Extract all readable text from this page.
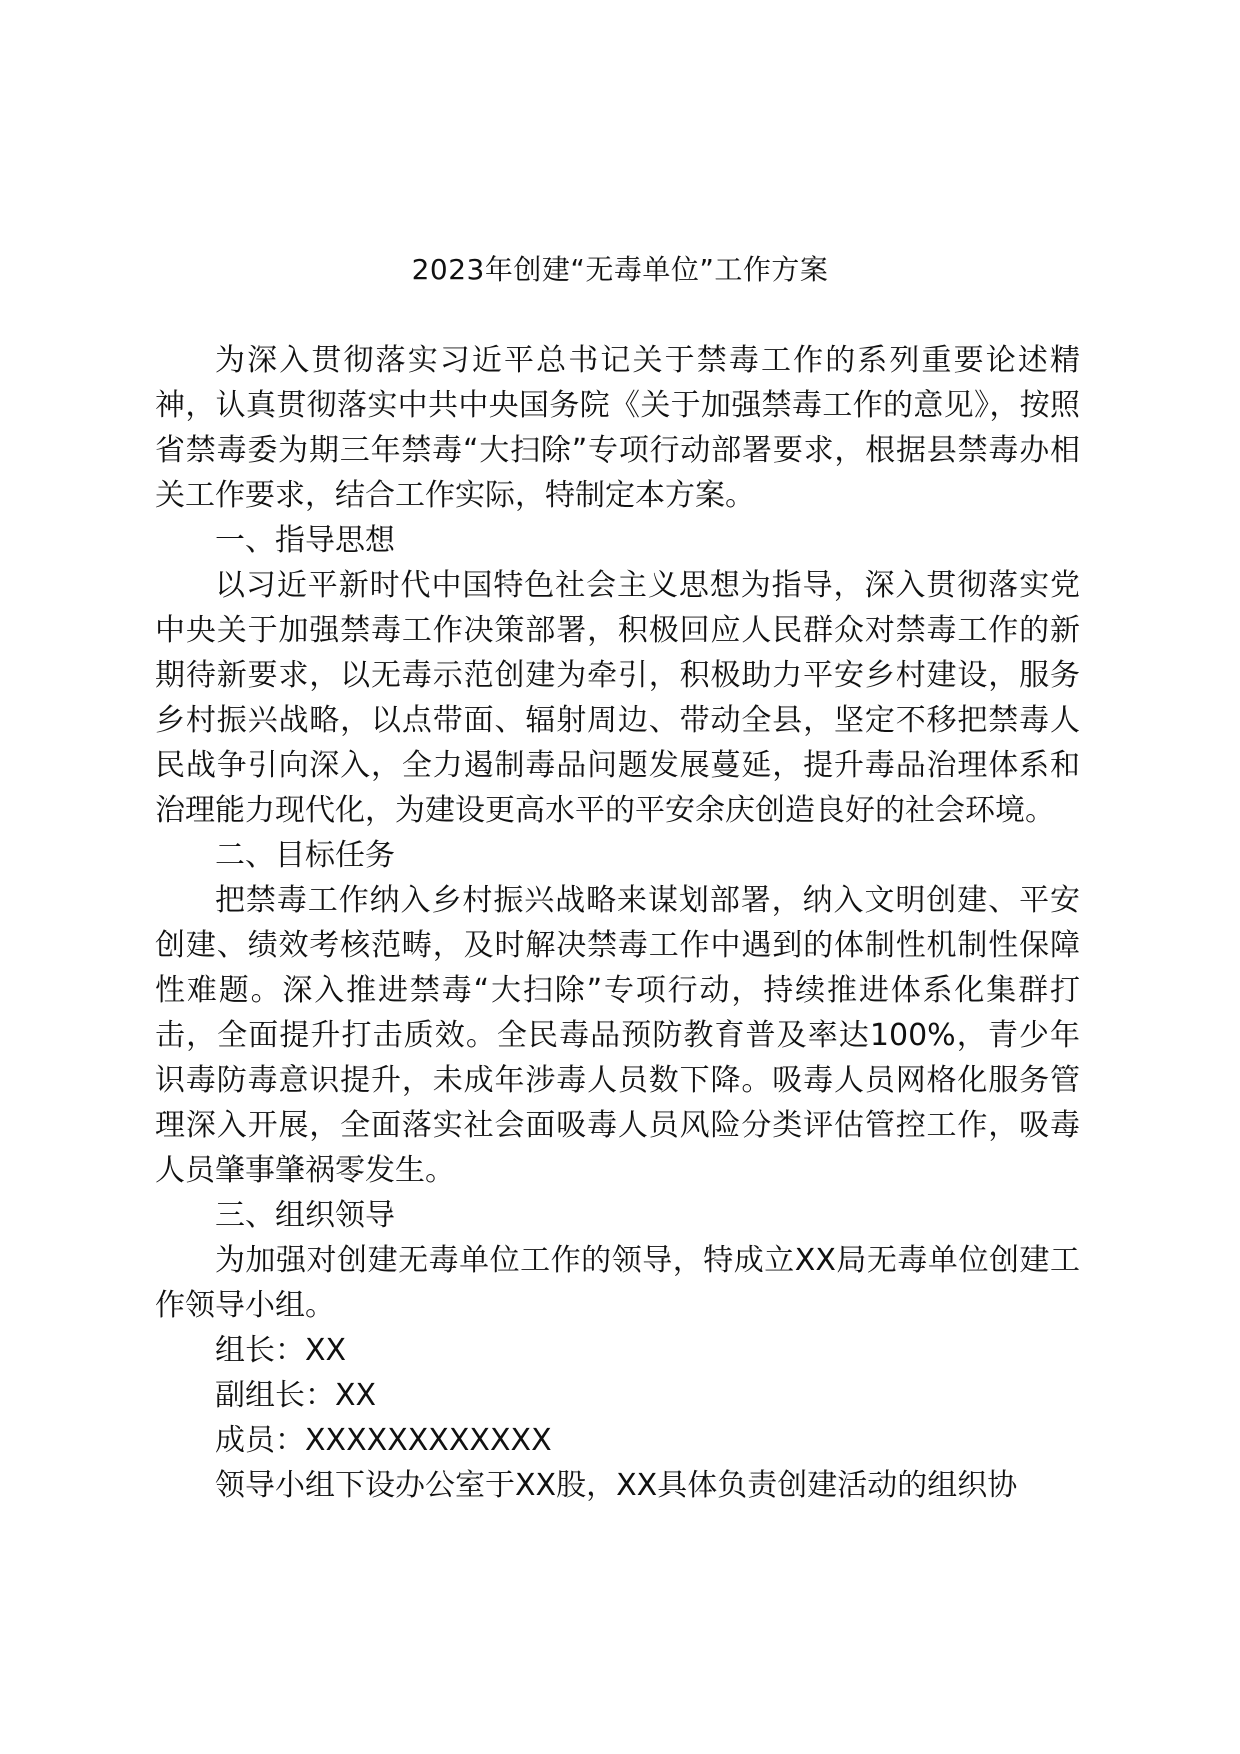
2023年创建“无毒单位”工作方案

为深入贯彻落实习近平总书记关于禁毒工作的系列重要论述精神，认真贯彻落实中共中央国务院《关于加强禁毒工作的意见》，按照省禁毒委为期三年禁毒“大扫除”专项行动部署要求，根据县禁毒办相关工作要求，结合工作实际，特制定本方案。

一、指导思想

以习近平新时代中国特色社会主义思想为指导，深入贯彻落实党中央关于加强禁毒工作决策部署，积极回应人民群众对禁毒工作的新期待新要求，以无毒示范创建为牵引，积极助力平安乡村建设，服务乡村振兴战略，以点带面、辐射周边、带动全县，坚定不移把禁毒人民战争引向深入，全力遏制毒品问题发展蔓延，提升毒品治理体系和治理能力现代化，为建设更高水平的平安余庆创造良好的社会环境。

二、目标任务

把禁毒工作纳入乡村振兴战略来谋划部署，纳入文明创建、平安创建、绩效考核范畴，及时解决禁毒工作中遇到的体制性机制性保障性难题。深入推进禁毒“大扫除”专项行动，持续推进体系化集群打击，全面提升打击质效。全民毒品预防教育普及率达100%，青少年识毒防毒意识提升，未成年涉毒人员数下降。吸毒人员网格化服务管理深入开展，全面落实社会面吸毒人员风险分类评估管控工作，吸毒人员肇事肇祸零发生。

三、组织领导

为加强对创建无毒单位工作的领导，特成立XX局无毒单位创建工作领导小组。

组长：XX

副组长：XX

成员：XXXXXXXXXXXX

领导小组下设办公室于XX股，XX具体负责创建活动的组织协
